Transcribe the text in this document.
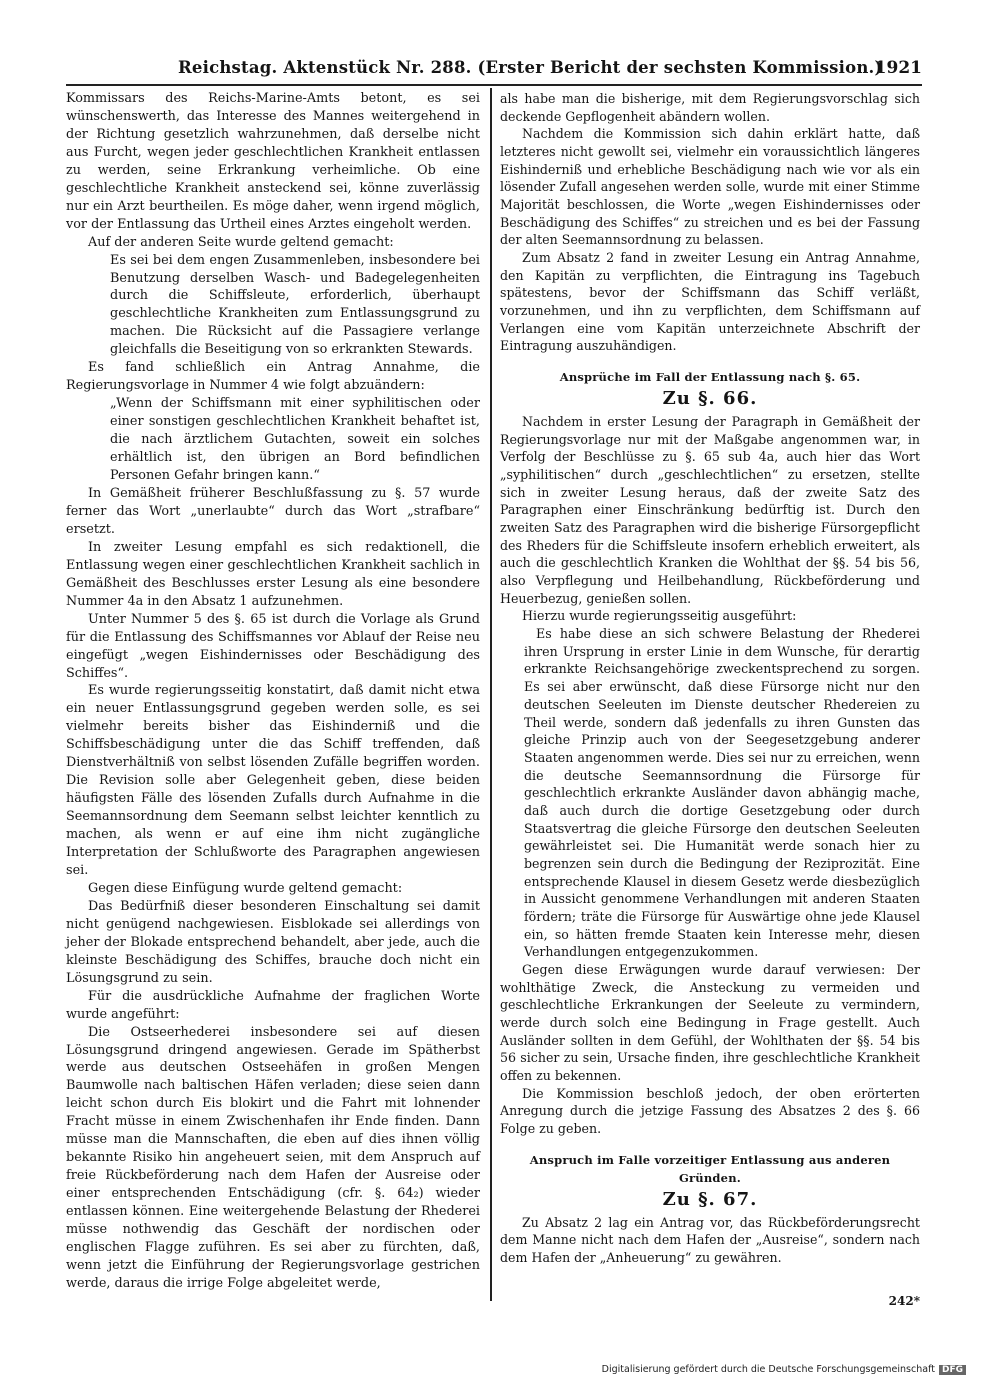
Reichstag. Aktenstück Nr. 288. (Erster Bericht der sechsten Kommission.)
1921

Kommissars des Reichs-Marine-Amts betont, es sei wünschenswerth, das Interesse des Mannes weitergehend in der Richtung gesetzlich wahrzunehmen, daß derselbe nicht aus Furcht, wegen jeder geschlechtlichen Krankheit entlassen zu werden, seine Erkrankung verheimliche. Ob eine geschlechtliche Krankheit ansteckend sei, könne zuverlässig nur ein Arzt beurtheilen. Es möge daher, wenn irgend möglich, vor der Entlassung das Urtheil eines Arztes eingeholt werden.

Auf der anderen Seite wurde geltend gemacht:

Es sei bei dem engen Zusammenleben, insbesondere bei Benutzung derselben Wasch- und Badegelegenheiten durch die Schiffsleute, erforderlich, überhaupt geschlechtliche Krankheiten zum Entlassungsgrund zu machen. Die Rücksicht auf die Passagiere verlange gleichfalls die Beseitigung von so erkrankten Stewards.

Es fand schließlich ein Antrag Annahme, die Regierungsvorlage in Nummer 4 wie folgt abzuändern:

„Wenn der Schiffsmann mit einer syphilitischen oder einer sonstigen geschlechtlichen Krankheit behaftet ist, die nach ärztlichem Gutachten, soweit ein solches erhältlich ist, den übrigen an Bord befindlichen Personen Gefahr bringen kann.“

In Gemäßheit früherer Beschlußfassung zu §. 57 wurde ferner das Wort „unerlaubte“ durch das Wort „strafbare“ ersetzt.

In zweiter Lesung empfahl es sich redaktionell, die Entlassung wegen einer geschlechtlichen Krankheit sachlich in Gemäßheit des Beschlusses erster Lesung als eine besondere Nummer 4a in den Absatz 1 aufzunehmen.

Unter Nummer 5 des §. 65 ist durch die Vorlage als Grund für die Entlassung des Schiffsmannes vor Ablauf der Reise neu eingefügt „wegen Eishindernisses oder Beschädigung des Schiffes“.

Es wurde regierungsseitig konstatirt, daß damit nicht etwa ein neuer Entlassungsgrund gegeben werden solle, es sei vielmehr bereits bisher das Eishinderniß und die Schiffsbeschädigung unter die das Schiff treffenden, daß Dienstverhältniß von selbst lösenden Zufälle begriffen worden. Die Revision solle aber Gelegenheit geben, diese beiden häufigsten Fälle des lösenden Zufalls durch Aufnahme in die Seemannsordnung dem Seemann selbst leichter kenntlich zu machen, als wenn er auf eine ihm nicht zugängliche Interpretation der Schlußworte des Paragraphen angewiesen sei.

Gegen diese Einfügung wurde geltend gemacht:

Das Bedürfniß dieser besonderen Einschaltung sei damit nicht genügend nachgewiesen. Eisblokade sei allerdings von jeher der Blokade entsprechend behandelt, aber jede, auch die kleinste Beschädigung des Schiffes, brauche doch nicht ein Lösungsgrund zu sein.

Für die ausdrückliche Aufnahme der fraglichen Worte wurde angeführt:

Die Ostseerhederei insbesondere sei auf diesen Lösungsgrund dringend angewiesen. Gerade im Spätherbst werde aus deutschen Ostseehäfen in großen Mengen Baumwolle nach baltischen Häfen verladen; diese seien dann leicht schon durch Eis blokirt und die Fahrt mit lohnender Fracht müsse in einem Zwischenhafen ihr Ende finden. Dann müsse man die Mannschaften, die eben auf dies ihnen völlig bekannte Risiko hin angeheuert seien, mit dem Anspruch auf freie Rückbeförderung nach dem Hafen der Ausreise oder einer entsprechenden Entschädigung (cfr. §. 64₂) wieder entlassen können. Eine weitergehende Belastung der Rhederei müsse nothwendig das Geschäft der nordischen oder englischen Flagge zuführen. Es sei aber zu fürchten, daß, wenn jetzt die Einführung der Regierungsvorlage gestrichen werde, daraus die irrige Folge abgeleitet werde,

als habe man die bisherige, mit dem Regierungsvorschlag sich deckende Gepflogenheit abändern wollen.

Nachdem die Kommission sich dahin erklärt hatte, daß letzteres nicht gewollt sei, vielmehr ein voraussichtlich längeres Eishinderniß und erhebliche Beschädigung nach wie vor als ein lösender Zufall angesehen werden solle, wurde mit einer Stimme Majorität beschlossen, die Worte „wegen Eishindernisses oder Beschädigung des Schiffes“ zu streichen und es bei der Fassung der alten Seemannsordnung zu belassen.

Zum Absatz 2 fand in zweiter Lesung ein Antrag Annahme, den Kapitän zu verpflichten, die Eintragung ins Tagebuch spätestens, bevor der Schiffsmann das Schiff verläßt, vorzunehmen, und ihn zu verpflichten, dem Schiffsmann auf Verlangen eine vom Kapitän unterzeichnete Abschrift der Eintragung auszuhändigen.

Ansprüche im Fall der Entlassung nach §. 65.
Zu §. 66.

Nachdem in erster Lesung der Paragraph in Gemäßheit der Regierungsvorlage nur mit der Maßgabe angenommen war, in Verfolg der Beschlüsse zu §. 65 sub 4a, auch hier das Wort „syphilitischen“ durch „geschlechtlichen“ zu ersetzen, stellte sich in zweiter Lesung heraus, daß der zweite Satz des Paragraphen einer Einschränkung bedürftig ist. Durch den zweiten Satz des Paragraphen wird die bisherige Fürsorgepflicht des Rheders für die Schiffsleute insofern erheblich erweitert, als auch die geschlechtlich Kranken die Wohlthat der §§. 54 bis 56, also Verpflegung und Heilbehandlung, Rückbeförderung und Heuerbezug, genießen sollen.

Hierzu wurde regierungsseitig ausgeführt:

Es habe diese an sich schwere Belastung der Rhederei ihren Ursprung in erster Linie in dem Wunsche, für derartig erkrankte Reichsangehörige zweckentsprechend zu sorgen. Es sei aber erwünscht, daß diese Fürsorge nicht nur den deutschen Seeleuten im Dienste deutscher Rhedereien zu Theil werde, sondern daß jedenfalls zu ihren Gunsten das gleiche Prinzip auch von der Seegesetzgebung anderer Staaten angenommen werde. Dies sei nur zu erreichen, wenn die deutsche Seemannsordnung die Fürsorge für geschlechtlich erkrankte Ausländer davon abhängig mache, daß auch durch die dortige Gesetzgebung oder durch Staatsvertrag die gleiche Fürsorge den deutschen Seeleuten gewährleistet sei. Die Humanität werde sonach hier zu begrenzen sein durch die Bedingung der Reziprozität. Eine entsprechende Klausel in diesem Gesetz werde diesbezüglich in Aussicht genommene Verhandlungen mit anderen Staaten fördern; träte die Fürsorge für Auswärtige ohne jede Klausel ein, so hätten fremde Staaten kein Interesse mehr, diesen Verhandlungen entgegenzukommen.

Gegen diese Erwägungen wurde darauf verwiesen: Der wohlthätige Zweck, die Ansteckung zu vermeiden und geschlechtliche Erkrankungen der Seeleute zu vermindern, werde durch solch eine Bedingung in Frage gestellt. Auch Ausländer sollten in dem Gefühl, der Wohlthaten der §§. 54 bis 56 sicher zu sein, Ursache finden, ihre geschlechtliche Krankheit offen zu bekennen.

Die Kommission beschloß jedoch, der oben erörterten Anregung durch die jetzige Fassung des Absatzes 2 des §. 66 Folge zu geben.

Anspruch im Falle vorzeitiger Entlassung aus anderen Gründen.
Zu §. 67.

Zu Absatz 2 lag ein Antrag vor, das Rückbeförderungsrecht dem Manne nicht nach dem Hafen der „Ausreise“, sondern nach dem Hafen der „Anheuerung“ zu gewähren.

242*
Digitalisierung gefördert durch die Deutsche Forschungsgemeinschaft DFG
